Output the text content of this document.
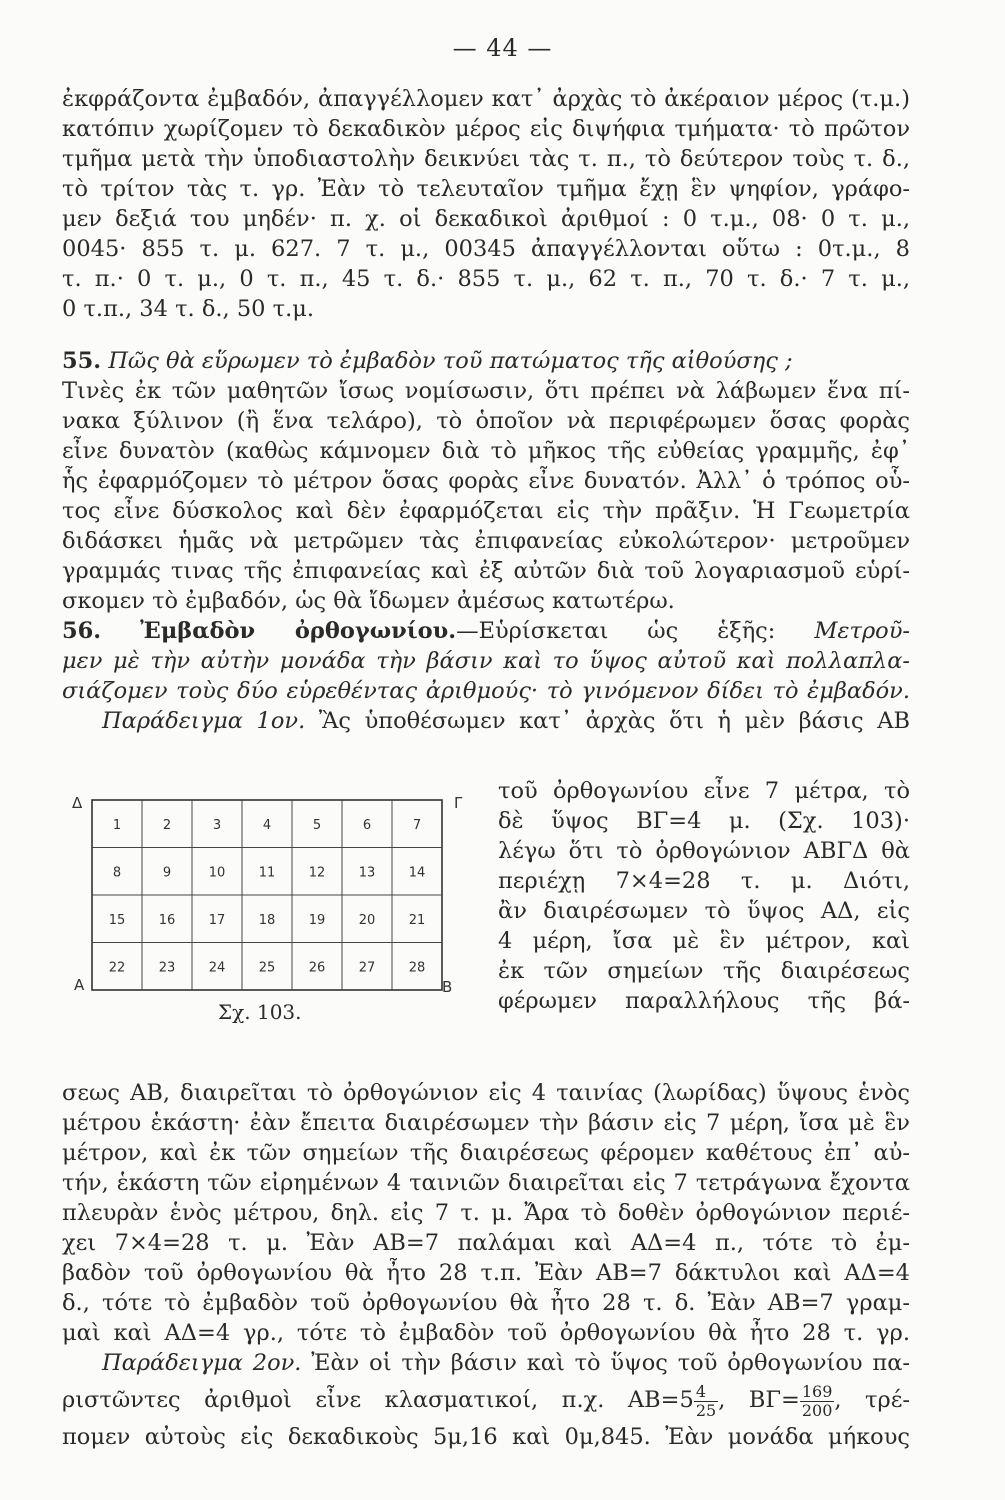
— 44 —
ἐκφράζοντα ἐμβαδόν, ἀπαγγέλλομεν κατ᾽ ἀρχὰς τὸ ἀκέραιον μέρος (τ.μ.)
κατόπιν χωρίζομεν τὸ δεκαδικὸν μέρος εἰς διψήφια τμήματα· τὸ πρῶτον
τμῆμα μετὰ τὴν ὑποδιαστολὴν δεικνύει τὰς τ. π., τὸ δεύτερον τοὺς τ. δ.,
τὸ τρίτον τὰς τ. γρ. Ἐὰν τὸ τελευταῖον τμῆμα ἔχῃ ἓν ψηφίον, γράφο-
μεν δεξιά του μηδέν· π. χ. οἱ δεκαδικοὶ ἀριθμοί : 0 τ.μ., 08· 0 τ. μ.,
0045· 855 τ. μ. 627. 7 τ. μ., 00345 ἀπαγγέλλονται οὕτω : 0τ.μ., 8
τ. π.· 0 τ. μ., 0 τ. π., 45 τ. δ.· 855 τ. μ., 62 τ. π., 70 τ. δ.· 7 τ. μ.,
0 τ.π., 34 τ. δ., 50 τ.μ.
55. Πῶς θὰ εὕρωμεν τὸ ἐμβαδὸν τοῦ πατώματος τῆς αἰθούσης ;
Τινὲς ἐκ τῶν μαθητῶν ἴσως νομίσωσιν, ὅτι πρέπει νὰ λάβωμεν ἕνα πί-
νακα ξύλινον (ἢ ἕνα τελάρο), τὸ ὁποῖον νὰ περιφέρωμεν ὅσας φορὰς
εἶνε δυνατὸν (καθὼς κάμνομεν διὰ τὸ μῆκος τῆς εὐθείας γραμμῆς, ἐφ᾽
ἧς ἐφαρμόζομεν τὸ μέτρον ὅσας φορὰς εἶνε δυνατόν. Ἀλλ᾽ ὁ τρόπος οὗ-
τος εἶνε δύσκολος καὶ δὲν ἐφαρμόζεται εἰς τὴν πρᾶξιν. Ἡ Γεωμετρία
διδάσκει ἡμᾶς νὰ μετρῶμεν τὰς ἐπιφανείας εὐκολώτερον· μετροῦμεν
γραμμάς τινας τῆς ἐπιφανείας καὶ ἐξ αὐτῶν διὰ τοῦ λογαριασμοῦ εὑρί-
σκομεν τὸ ἐμβαδόν, ὡς θὰ ἴδωμεν ἀμέσως κατωτέρω.
56. Ἐμβαδὸν ὀρθογωνίου.—Εὑρίσκεται ὡς ἑξῆς: Μετροῦ-
μεν μὲ τὴν αὐτὴν μονάδα τὴν βάσιν καὶ το ὕψος αὐτοῦ καὶ πολλαπλα-
σιάζομεν τοὺς δύο εὑρεθέντας ἀριθμούς· τὸ γινόμενον δίδει τὸ ἐμβαδόν.
Παράδειγμα 1ον. Ἂς ὑποθέσωμεν κατ᾽ ἀρχὰς ὅτι ἡ μὲν βάσις ΑΒ
1	2	3	4	5	6	7
8	9	10	11	12	13	14
15	16	17	18	19	20	21
22	23	24	25	26	27	28
Δ	Γ
Α	Β
Σχ. 103.
τοῦ ὀρθογωνίου εἶνε 7 μέτρα, τὸ
δὲ ὕψος ΒΓ=4 μ. (Σχ. 103)·
λέγω ὅτι τὸ ὀρθογώνιον ΑΒΓΔ θὰ
περιέχῃ 7×4=28 τ. μ. Διότι,
ἂν διαιρέσωμεν τὸ ὕψος ΑΔ, εἰς
4 μέρη, ἴσα μὲ ἓν μέτρον, καὶ
ἐκ τῶν σημείων τῆς διαιρέσεως
φέρωμεν παραλλήλους τῆς βά-
σεως ΑΒ, διαιρεῖται τὸ ὀρθογώνιον εἰς 4 ταινίας (λωρίδας) ὕψους ἑνὸς
μέτρου ἑκάστη· ἐὰν ἔπειτα διαιρέσωμεν τὴν βάσιν εἰς 7 μέρη, ἴσα μὲ ἓν
μέτρον, καὶ ἐκ τῶν σημείων τῆς διαιρέσεως φέρομεν καθέτους ἐπ᾽ αὐ-
τήν, ἑκάστη τῶν εἰρημένων 4 ταινιῶν διαιρεῖται εἰς 7 τετράγωνα ἔχοντα
πλευρὰν ἑνὸς μέτρου, δηλ. εἰς 7 τ. μ. Ἄρα τὸ δοθὲν ὀρθογώνιον περιέ-
χει 7×4=28 τ. μ. Ἐὰν ΑΒ=7 παλάμαι καὶ ΑΔ=4 π., τότε τὸ ἐμ-
βαδὸν τοῦ ὀρθογωνίου θὰ ἦτο 28 τ.π. Ἐὰν ΑΒ=7 δάκτυλοι καὶ ΑΔ=4
δ., τότε τὸ ἐμβαδὸν τοῦ ὀρθογωνίου θὰ ἦτο 28 τ. δ. Ἐὰν ΑΒ=7 γραμ-
μαὶ καὶ ΑΔ=4 γρ., τότε τὸ ἐμβαδὸν τοῦ ὀρθογωνίου θὰ ἦτο 28 τ. γρ.
Παράδειγμα 2ον. Ἐὰν οἱ τὴν βάσιν καὶ τὸ ὕψος τοῦ ὀρθογωνίου πα-
ριστῶντες ἀριθμοὶ εἶνε κλασματικοί, π.χ. $AB=5 \frac{4}{25}$ , $B\Gamma= \frac{169}{200}$ , τρέ-
πομεν αὐτοὺς εἰς δεκαδικοὺς 5μ,16 καὶ 0μ,845. Ἐὰν μονάδα μήκους
